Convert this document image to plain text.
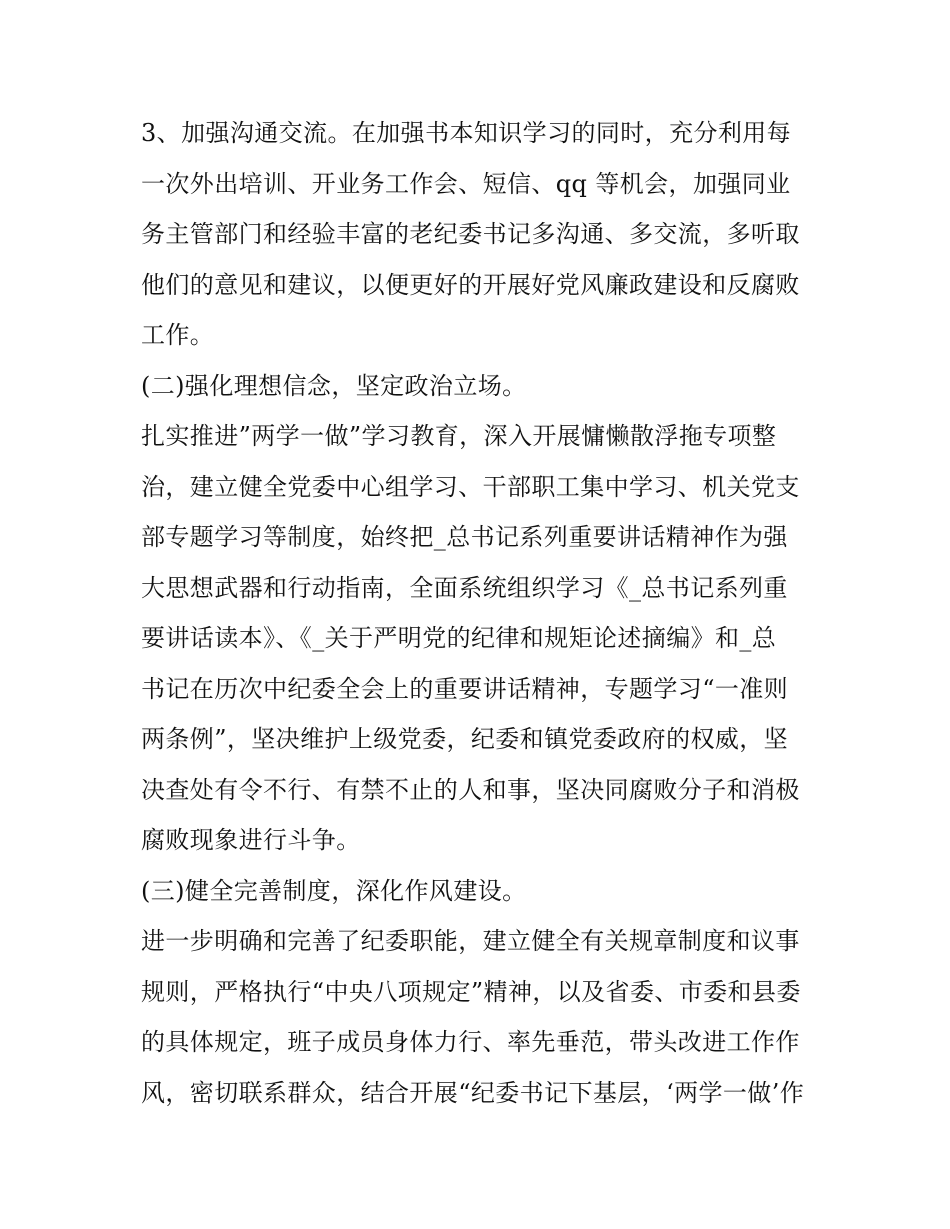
3、加强沟通交流。在加强书本知识学习的同时，充分利用每
一次外出培训、开业务工作会、短信、qq 等机会，加强同业
务主管部门和经验丰富的老纪委书记多沟通、多交流，多听取
他们的意见和建议，以便更好的开展好党风廉政建设和反腐败
工作。
(二)强化理想信念，坚定政治立场。
扎实推进”两学一做”学习教育，深入开展慵懒散浮拖专项整
治，建立健全党委中心组学习、干部职工集中学习、机关党支
部专题学习等制度，始终把_总书记系列重要讲话精神作为强
大思想武器和行动指南，全面系统组织学习《_总书记系列重
要讲话读本》、《_关于严明党的纪律和规矩论述摘编》和_总
书记在历次中纪委全会上的重要讲话精神，专题学习“一准则
两条例”，坚决维护上级党委，纪委和镇党委政府的权威，坚
决查处有令不行、有禁不止的人和事，坚决同腐败分子和消极
腐败现象进行斗争。
(三)健全完善制度，深化作风建设。
进一步明确和完善了纪委职能，建立健全有关规章制度和议事
规则，严格执行“中央八项规定”精神，以及省委、市委和县委
的具体规定，班子成员身体力行、率先垂范，带头改进工作作
风，密切联系群众，结合开展“纪委书记下基层，‘两学一做’作
